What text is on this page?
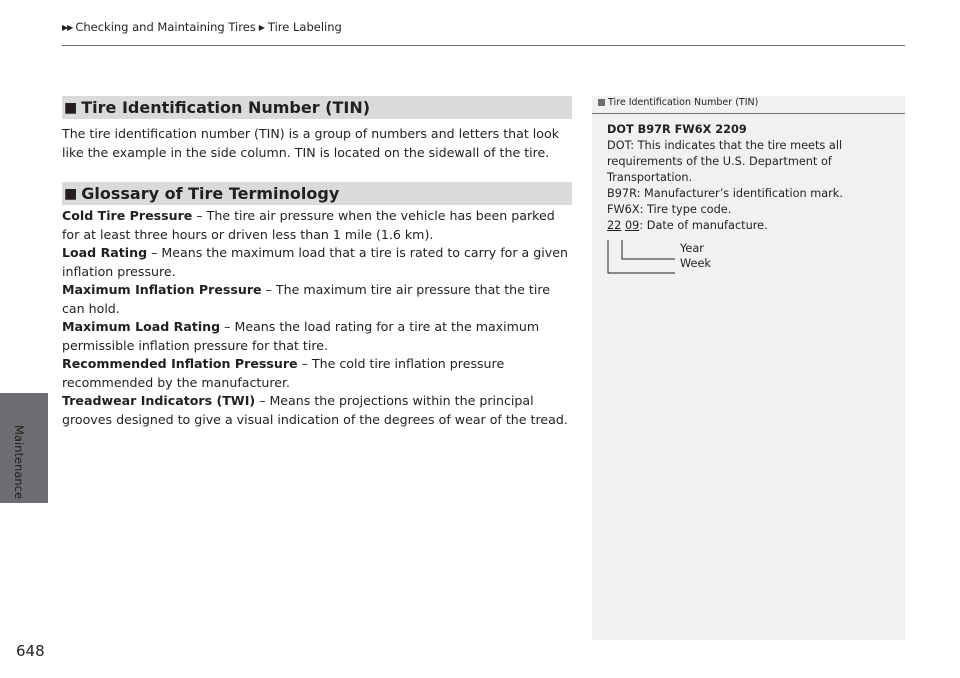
▶▶ Checking and Maintaining Tires ▶ Tire Labeling
Maintenance
648
■ Tire Identification Number (TIN)

The tire identification number (TIN) is a group of numbers and letters that look like the example in the side column. TIN is located on the sidewall of the tire.

■ Glossary of Tire Terminology

Cold Tire Pressure – The tire air pressure when the vehicle has been parked for at least three hours or driven less than 1 mile (1.6 km).

Load Rating – Means the maximum load that a tire is rated to carry for a given inflation pressure.

Maximum Inflation Pressure – The maximum tire air pressure that the tire can hold.

Maximum Load Rating – Means the load rating for a tire at the maximum permissible inflation pressure for that tire.

Recommended Inflation Pressure – The cold tire inflation pressure recommended by the manufacturer.

Treadwear Indicators (TWI) – Means the projections within the principal grooves designed to give a visual indication of the degrees of wear of the tread.

Tire Identification Number (TIN)
DOT B97R FW6X 2209
DOT: This indicates that the tire meets all
requirements of the U.S. Department of
Transportation.
B97R: Manufacturer’s identification mark.
FW6X: Tire type code.
22 09: Date of manufacture.
Year
Week
